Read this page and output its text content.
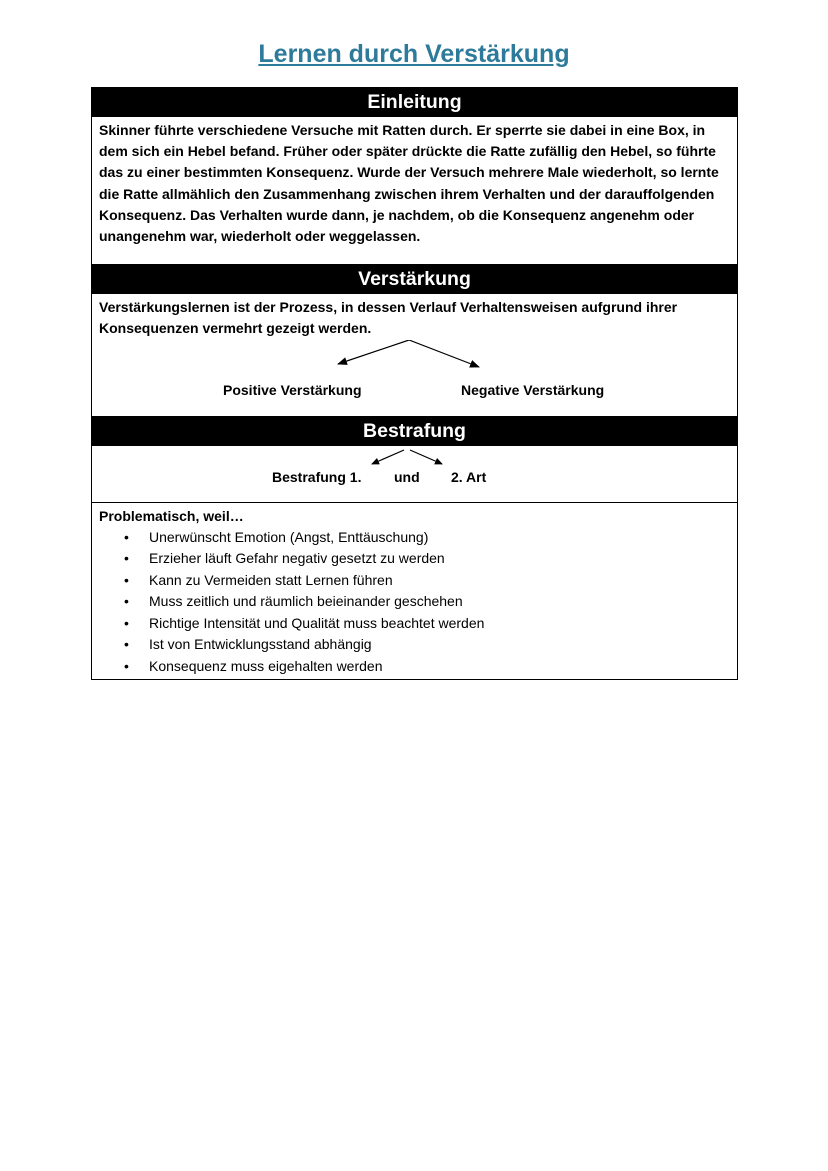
Lernen durch Verstärkung
Einleitung
Skinner führte verschiedene Versuche mit Ratten durch. Er sperrte sie dabei in eine Box, in dem sich ein Hebel befand. Früher oder später drückte die Ratte zufällig den Hebel, so führte das zu einer bestimmten Konsequenz. Wurde der Versuch mehrere Male wiederholt, so lernte die Ratte allmählich den Zusammenhang zwischen ihrem Verhalten und der darauffolgenden Konsequenz. Das Verhalten wurde dann, je nachdem, ob die Konsequenz angenehm oder unangenehm war, wiederholt oder weggelassen.
Verstärkung
Verstärkungslernen ist der Prozess, in dessen Verlauf Verhaltensweisen aufgrund ihrer Konsequenzen vermehrt gezeigt werden.
Positive Verstärkung	Negative Verstärkung
Bestrafung
Bestrafung 1. und 2. Art
Problematisch, weil…
• Unerwünscht Emotion (Angst, Enttäuschung)
• Erzieher läuft Gefahr negativ gesetzt zu werden
• Kann zu Vermeiden statt Lernen führen
• Muss zeitlich und räumlich beieinander geschehen
• Richtige Intensität und Qualität muss beachtet werden
• Ist von Entwicklungsstand abhängig
• Konsequenz muss eigehalten werden
